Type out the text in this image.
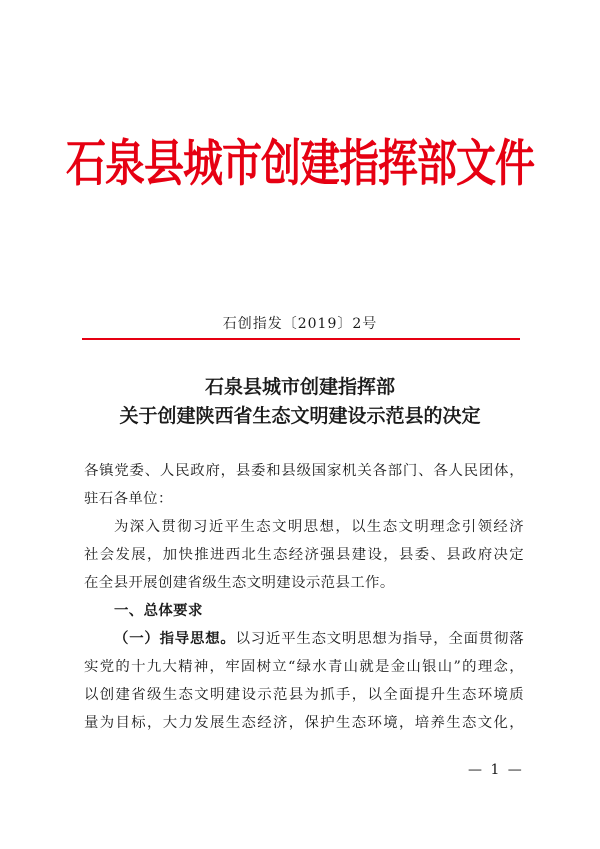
石泉县城市创建指挥部文件
石创指发〔2019〕2号
石泉县城市创建指挥部
关于创建陕西省生态文明建设示范县的决定
各镇党委、人民政府，县委和县级国家机关各部门、各人民团体，
驻石各单位：
为深入贯彻习近平生态文明思想，以生态文明理念引领经济
社会发展，加快推进西北生态经济强县建设，县委、县政府决定
在全县开展创建省级生态文明建设示范县工作。
一、总体要求
（一）指导思想。以习近平生态文明思想为指导，全面贯彻落
实党的十九大精神，牢固树立“绿水青山就是金山银山”的理念，
以创建省级生态文明建设示范县为抓手，以全面提升生态环境质
量为目标，大力发展生态经济，保护生态环境，培养生态文化，
— 1 —
